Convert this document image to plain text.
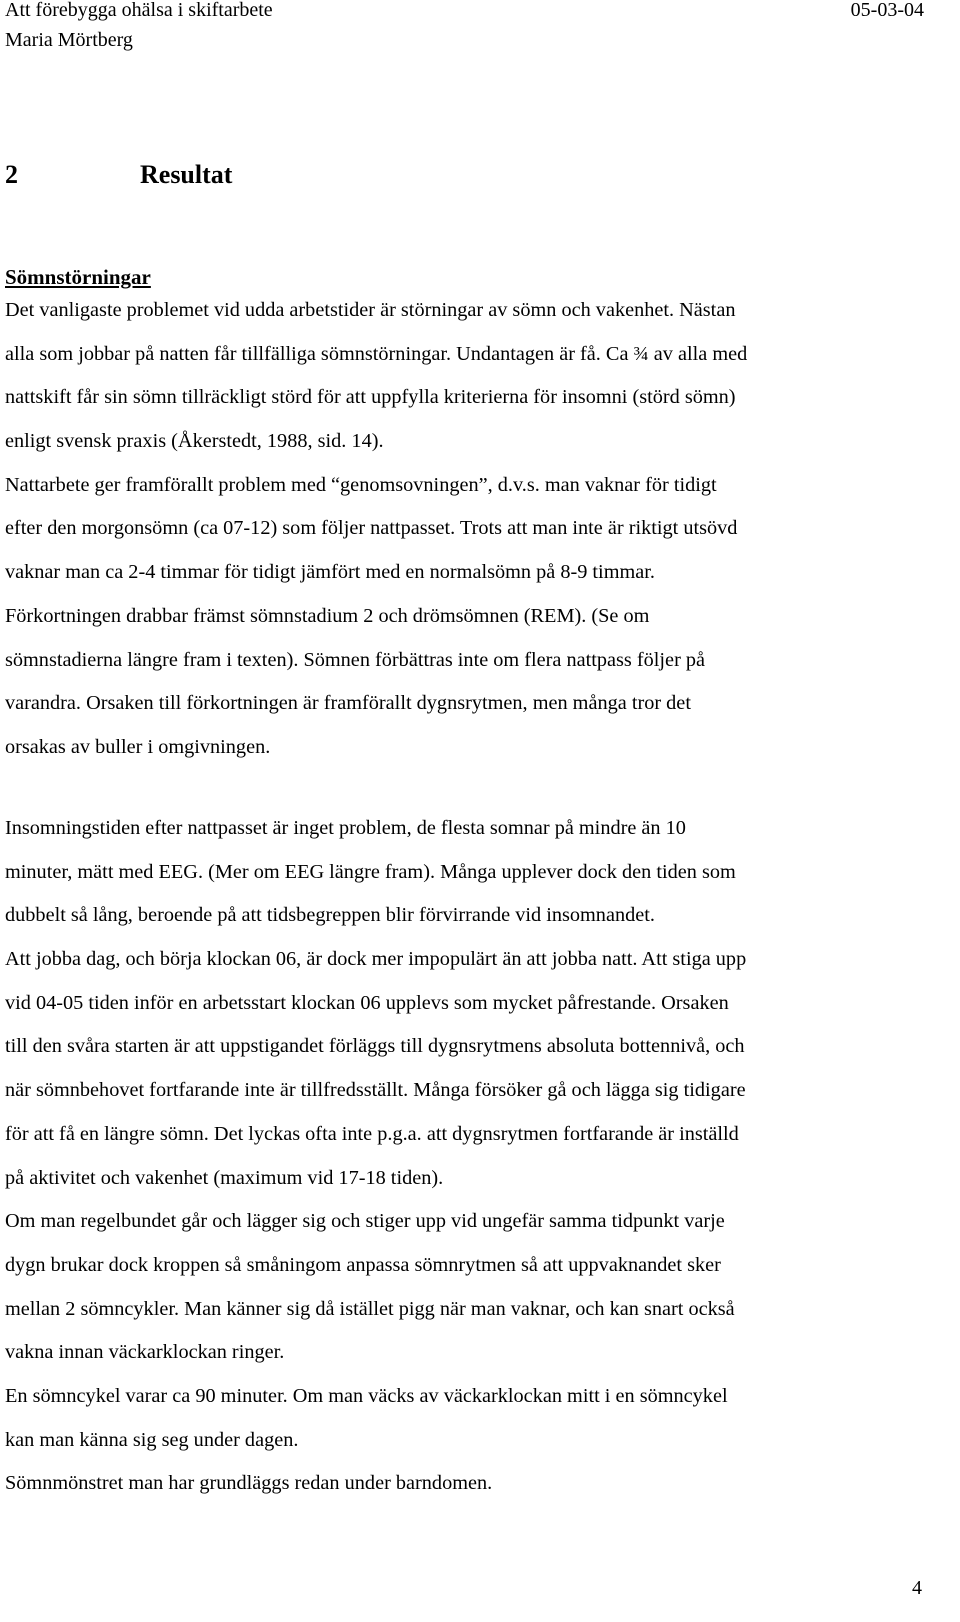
Att förebygga ohälsa i skiftarbete	05-03-04
Maria Mörtberg
2	Resultat
Sömnstörningar
Det vanligaste problemet vid udda arbetstider är störningar av sömn och vakenhet. Nästan
alla som jobbar på natten får tillfälliga sömnstörningar. Undantagen är få. Ca ¾ av alla med
nattskift får sin sömn tillräckligt störd för att uppfylla kriterierna för insomni (störd sömn)
enligt svensk praxis (Åkerstedt, 1988, sid. 14).
Nattarbete ger framförallt problem med “genomsovningen”, d.v.s. man vaknar för tidigt
efter den morgonsömn (ca 07-12) som följer nattpasset. Trots att man inte är riktigt utsövd
vaknar man ca 2-4 timmar för tidigt jämfört med en normalsömn på 8-9 timmar.
Förkortningen drabbar främst sömnstadium 2 och drömsömnen (REM). (Se om
sömnstadierna längre fram i texten). Sömnen förbättras inte om flera nattpass följer på
varandra. Orsaken till förkortningen är framförallt dygnsrytmen, men många tror det
orsakas av buller i omgivningen.
Insomningstiden efter nattpasset är inget problem, de flesta somnar på mindre än 10
minuter, mätt med EEG. (Mer om EEG längre fram). Många upplever dock den tiden som
dubbelt så lång, beroende på att tidsbegreppen blir förvirrande vid insomnandet.
Att jobba dag, och börja klockan 06, är dock mer impopulärt än att jobba natt. Att stiga upp
vid 04-05 tiden inför en arbetsstart klockan 06 upplevs som mycket påfrestande. Orsaken
till den svåra starten är att uppstigandet förläggs till dygnsrytmens absoluta bottennivå, och
när sömnbehovet fortfarande inte är tillfredsställt. Många försöker gå och lägga sig tidigare
för att få en längre sömn. Det lyckas ofta inte p.g.a. att dygnsrytmen fortfarande är inställd
på aktivitet och vakenhet (maximum vid 17-18 tiden).
Om man regelbundet går och lägger sig och stiger upp vid ungefär samma tidpunkt varje
dygn brukar dock kroppen så småningom anpassa sömnrytmen så att uppvaknandet sker
mellan 2 sömncykler. Man känner sig då istället pigg när man vaknar, och kan snart också
vakna innan väckarklockan ringer.
En sömncykel varar ca 90 minuter. Om man väcks av väckarklockan mitt i en sömncykel
kan man känna sig seg under dagen.
Sömnmönstret man har grundläggs redan under barndomen.
4
